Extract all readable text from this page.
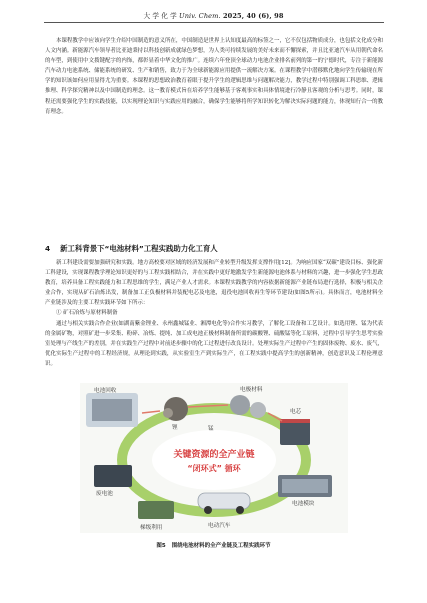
大 学 化 学 Univ. Chem. 2025, 40 (6), 98

本课程教学中应该向学生介绍中国制造的意义所在，中国制造是世界上认知度最高的标签之一，它不仅包括物质成分，也包括文化成分和人文内涵。新能源汽车领导者比亚迪秉持以科技创新成就绿色梦想，为人类可持续发展的美好未来而不懈探索，并且比亚迪汽车从用朝代命名的车型，到使用中文拨键配字的内饰，都彰显着中华文化的推广。连续六年登顶全球动力电池企业排名前列的第一的宁德时代，专注于新能源汽车动力电池系统、储能系统的研发、生产和销售，致力于为全球新能源应用提供一流解决方案。在课程教学中潜移默化地向学生传输现在所学的知识该如何应用显得尤为重要。本课程的思想政治教育着眼于提升学生的逻辑思维与问题解决能力，教学过程中特别强调工科思维、逻辑推理、科学探究精神以及中国制造的理念。这一教育模式旨在培养学生能够基于客观事实和具体情境进行冷静且客观的分析与思考。同时，课程还需要强化学生的实践技能，以实现理论知识与实践应用的融合，确保学生能够将所学知识转化为解决实际问题的能力，体现知行合一的教育理念。

4 新工科背景下“电池材料”工程实践助力化工育人

新工科建设需要加强研究和实践。地方高校要对区域的经济发展和产业转型升级发挥支撑作用[12]。为响应国家“双碳”建设目标、强化新工科建设，实现课程教学理论知识更好的与工程实践相结合，并在实践中更好地激发学生新能源电池体系与材料的兴趣，进一步强化学生思政教育，培养具备工程实践能力和工程思维的学生，满足产业人才需求。本课程实践教学的内容依据新能源产业链布局进行选择，积极与相关企业合作，实现从矿石冶炼出发，制备加工正负极材料并装配电芯及电池，退役电池回收再生等环节建设(如图5所示)。具体而言，电池材料全产业链涉及的主要工程实践环节如下所示：

① 矿石冶炼与原材料制备

通过与相关实践合作企业(如湖南紫金锂业、永州鑫城锰业、湘潭电化等)合作实习教学，了解化工设备和工艺设计。如选用锂、锰为代表的金属矿物，对照矿进一步采集、粉碎、冶炼、提纯、加工成电池正极材料制备所需的碳酸锂、硫酸锰等化工原料，过程中引导学生思考实验室处理与产线生产的差别，并在实践生产过程中对前述步骤中的化工过程进行改良设计。处理实际生产过程中产生的固体废物、废水、废气，优化实际生产过程中的工程经济规，从理论到实践，从实验室生产到实际生产，在工程实践中提高学生的创新精神，创造意识及工程伦理意识。

电池回收
锂
电极材料
锰
电芯
废电池
电池模块
梯级利用	电动汽车
关键资源的全产业链
“闭环式” 循环
图5 围绕电池材料的全产业链及工程实践环节
